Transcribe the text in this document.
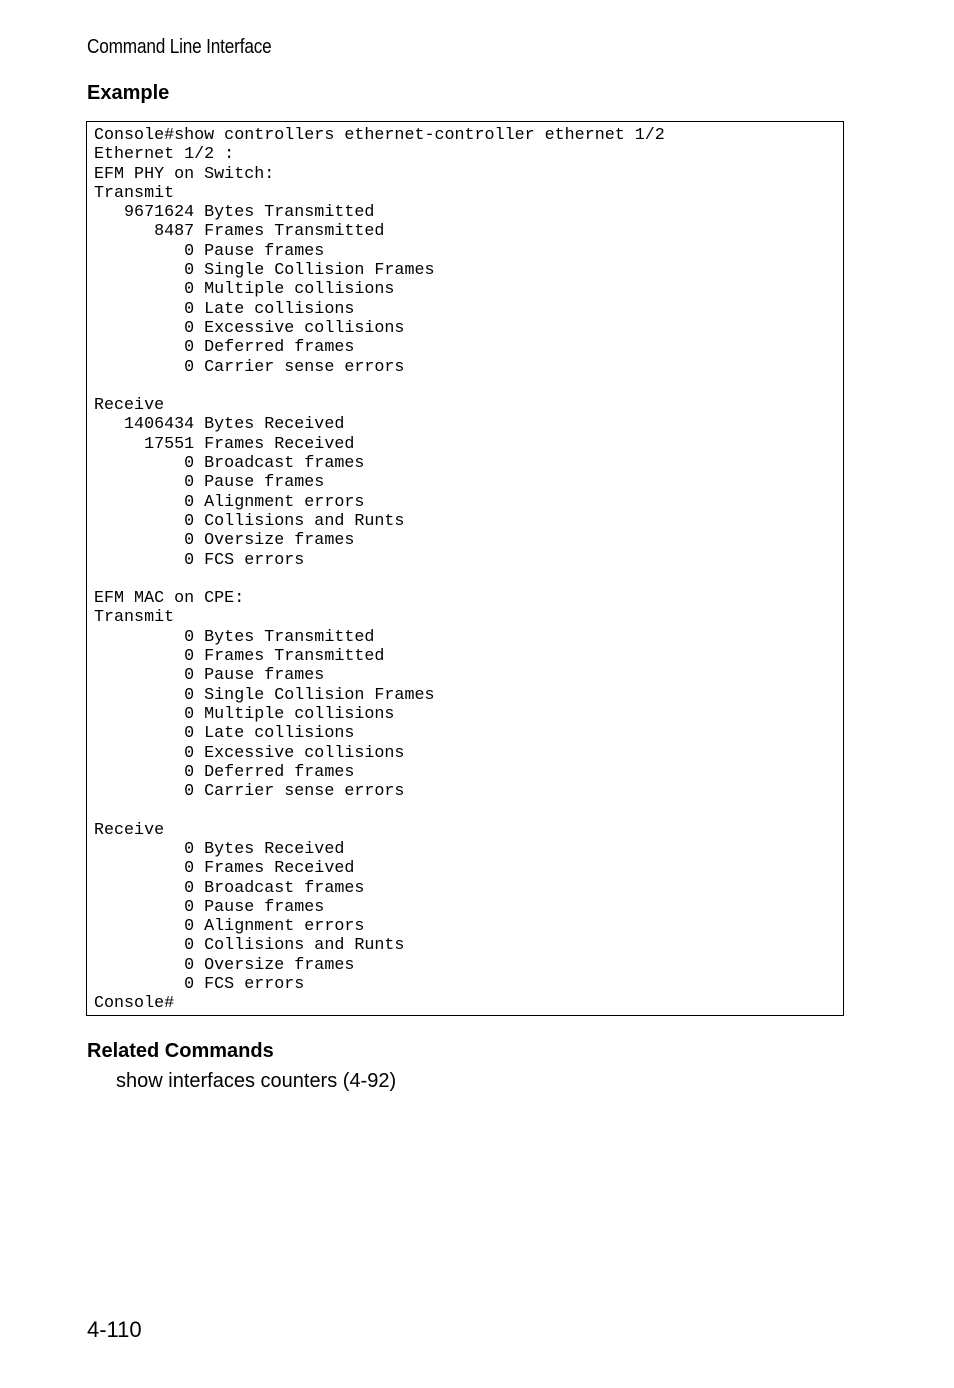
Command Line Interface
Example
Console#show controllers ethernet-controller ethernet 1/2
Ethernet 1/2 :
EFM PHY on Switch:
Transmit
9671624 Bytes Transmitted
8487 Frames Transmitted
0 Pause frames
0 Single Collision Frames
0 Multiple collisions
0 Late collisions
0 Excessive collisions
0 Deferred frames
0 Carrier sense errors
Receive
1406434 Bytes Received
17551 Frames Received
0 Broadcast frames
0 Pause frames
0 Alignment errors
0 Collisions and Runts
0 Oversize frames
0 FCS errors
EFM MAC on CPE:
Transmit
0 Bytes Transmitted
0 Frames Transmitted
0 Pause frames
0 Single Collision Frames
0 Multiple collisions
0 Late collisions
0 Excessive collisions
0 Deferred frames
0 Carrier sense errors
Receive
0 Bytes Received
0 Frames Received
0 Broadcast frames
0 Pause frames
0 Alignment errors
0 Collisions and Runts
0 Oversize frames
0 FCS errors
Console#
Related Commands
show interfaces counters (4-92)
4-110
